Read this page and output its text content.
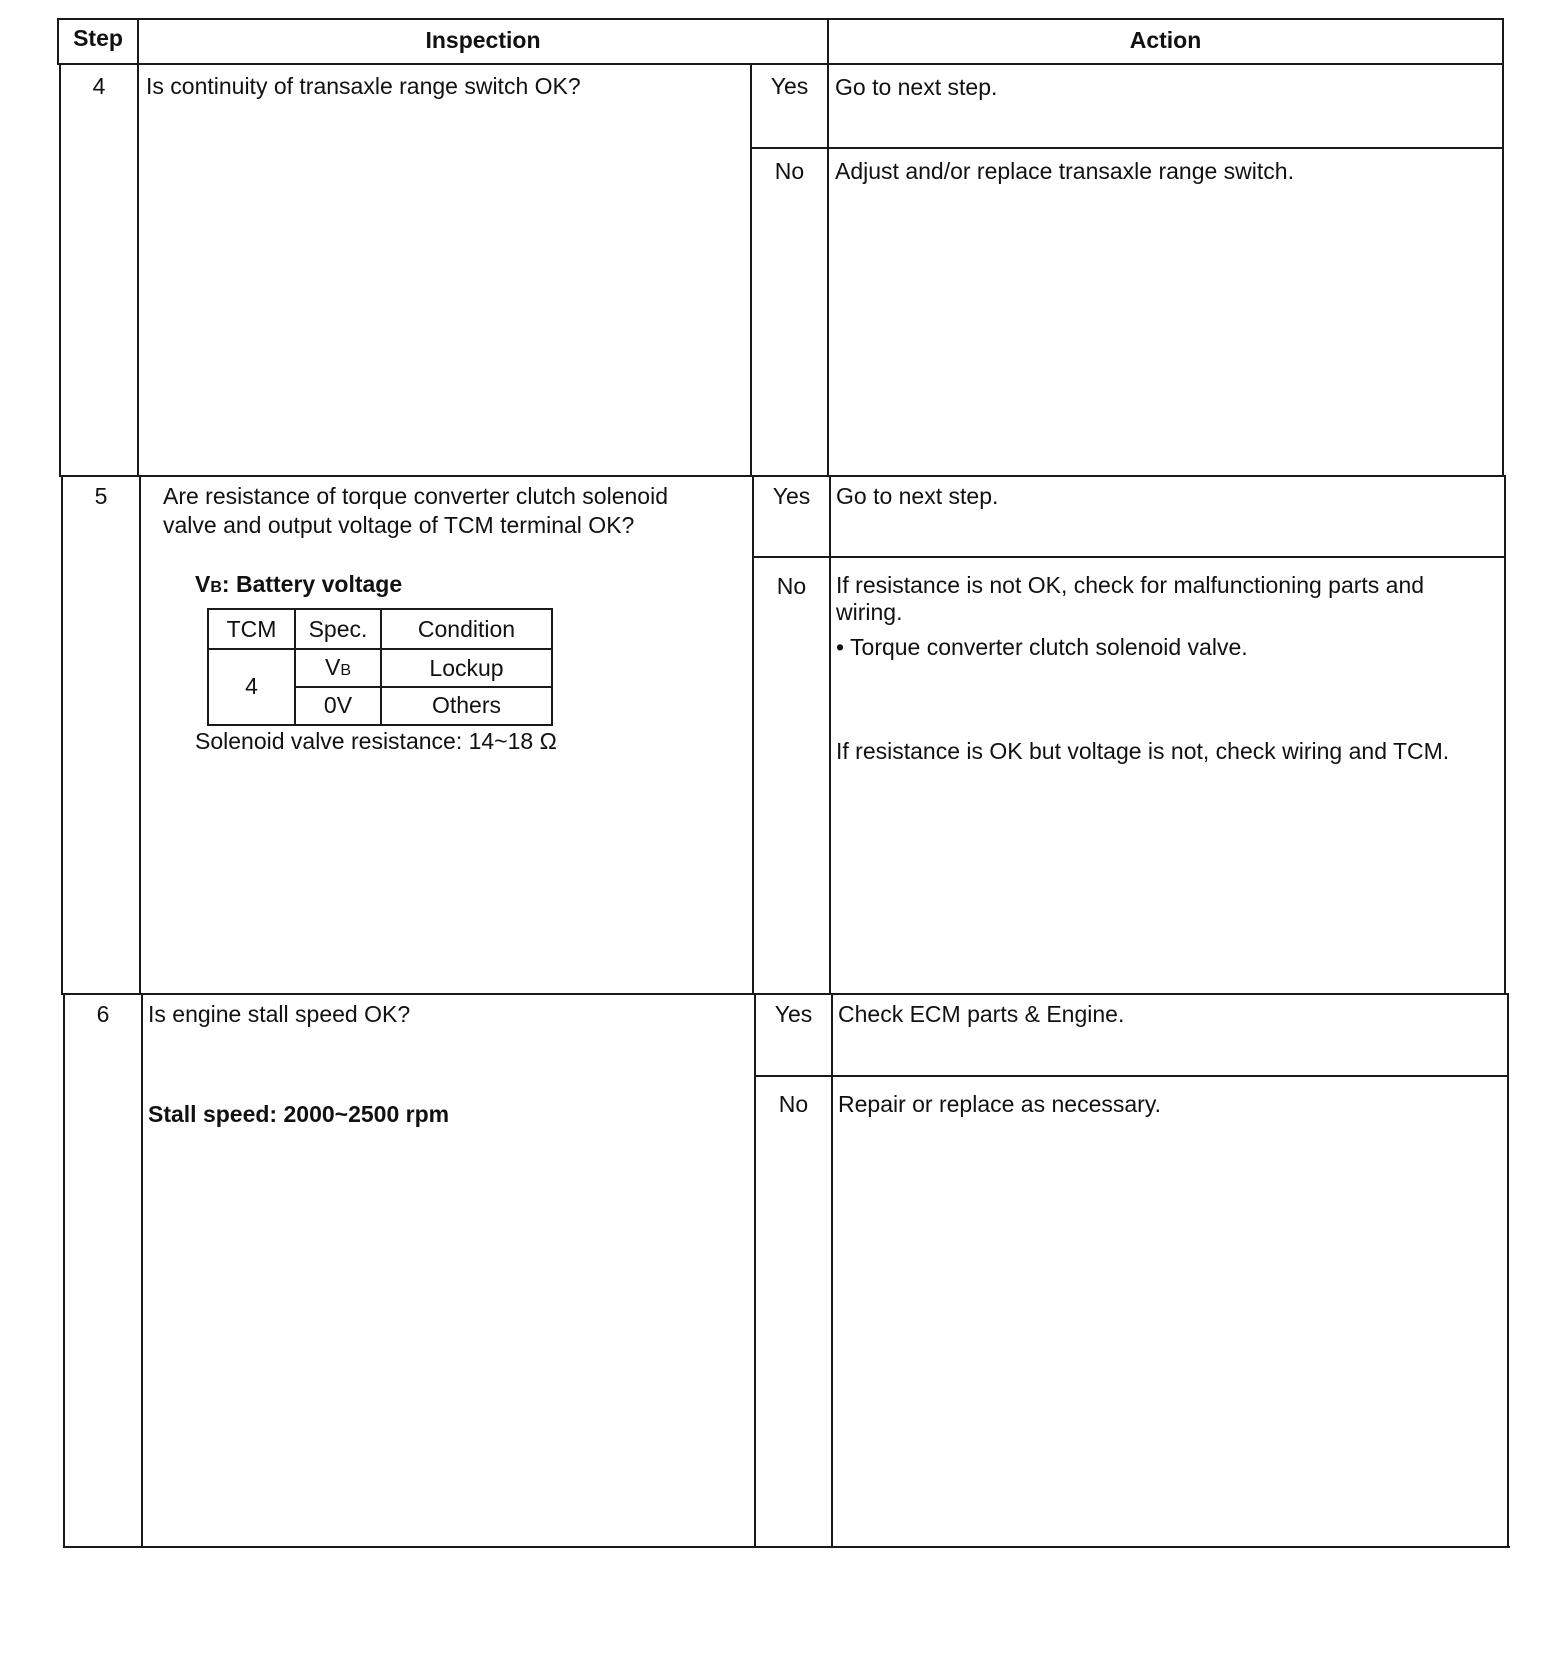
Step	Inspection	Action
4	Is continuity of transaxle range switch OK?	Yes	Go to next step.
No	Adjust and/or replace transaxle range switch.
5	Are resistance of torque converter clutch solenoid
valve and output voltage of TCM terminal OK?
VB: Battery voltage
TCM	Spec.	Condition
4
VB	Lockup
0V	Others
Solenoid valve resistance: 14~18 Ω
Yes	Go to next step.
No	If resistance is not OK, check for malfunctioning parts and
wiring.
• Torque converter clutch solenoid valve.
If resistance is OK but voltage is not, check wiring and TCM.
6	Is engine stall speed OK?
Stall speed: 2000~2500 rpm
Yes	Check ECM parts & Engine.
No	Repair or replace as necessary.
